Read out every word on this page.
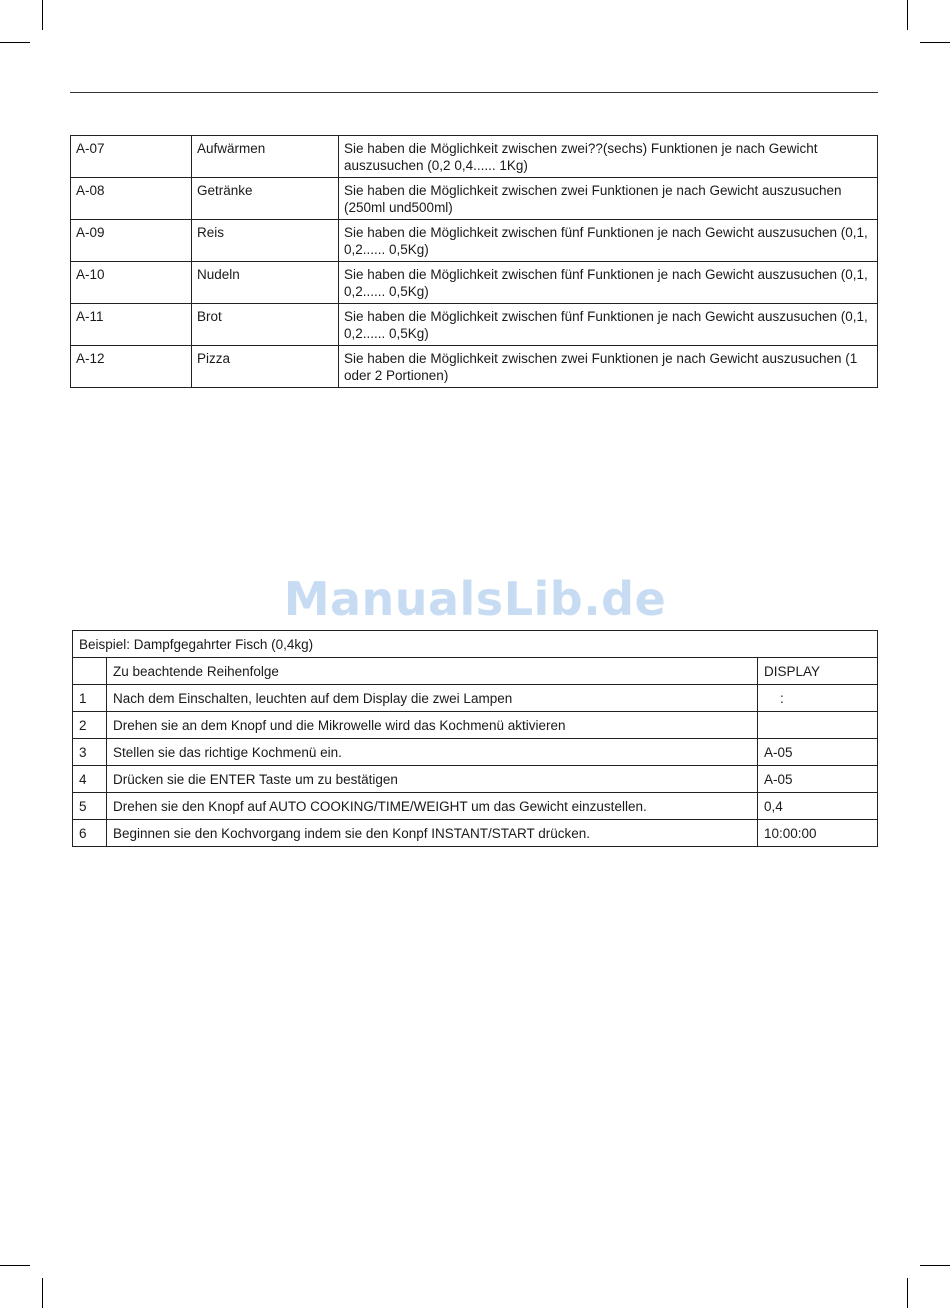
A-07	Aufwärmen	Sie haben die Möglichkeit zwischen zwei??(sechs) Funktionen je nach Gewicht auszusuchen (0,2 0,4...... 1Kg)
A-08	Getränke	Sie haben die Möglichkeit zwischen zwei Funktionen je nach Gewicht auszusuchen (250ml und500ml)
A-09	Reis	Sie haben die Möglichkeit zwischen fünf Funktionen je nach Gewicht auszusuchen (0,1, 0,2...... 0,5Kg)
A-10	Nudeln	Sie haben die Möglichkeit zwischen fünf Funktionen je nach Gewicht auszusuchen (0,1, 0,2...... 0,5Kg)
A-11	Brot	Sie haben die Möglichkeit zwischen fünf Funktionen je nach Gewicht auszusuchen (0,1, 0,2...... 0,5Kg)
A-12	Pizza	Sie haben die Möglichkeit zwischen zwei Funktionen je nach Gewicht auszusuchen (1 oder 2 Portionen)
ManualsLib.de
Beispiel: Dampfgegahrter Fisch (0,4kg)		
	Zu beachtende Reihenfolge	DISPLAY
1	Nach dem Einschalten, leuchten auf dem Display die zwei Lampen	:
2	Drehen sie an dem Knopf und die Mikrowelle wird das Kochmenü aktivieren	
3	Stellen sie das richtige Kochmenü ein.	A-05
4	Drücken sie die ENTER Taste um zu bestätigen	A-05
5	Drehen sie den Knopf auf AUTO COOKING/TIME/WEIGHT um das Gewicht einzustellen.	0,4
6	Beginnen sie den Kochvorgang indem sie den Konpf INSTANT/START drücken.	10:00:00
